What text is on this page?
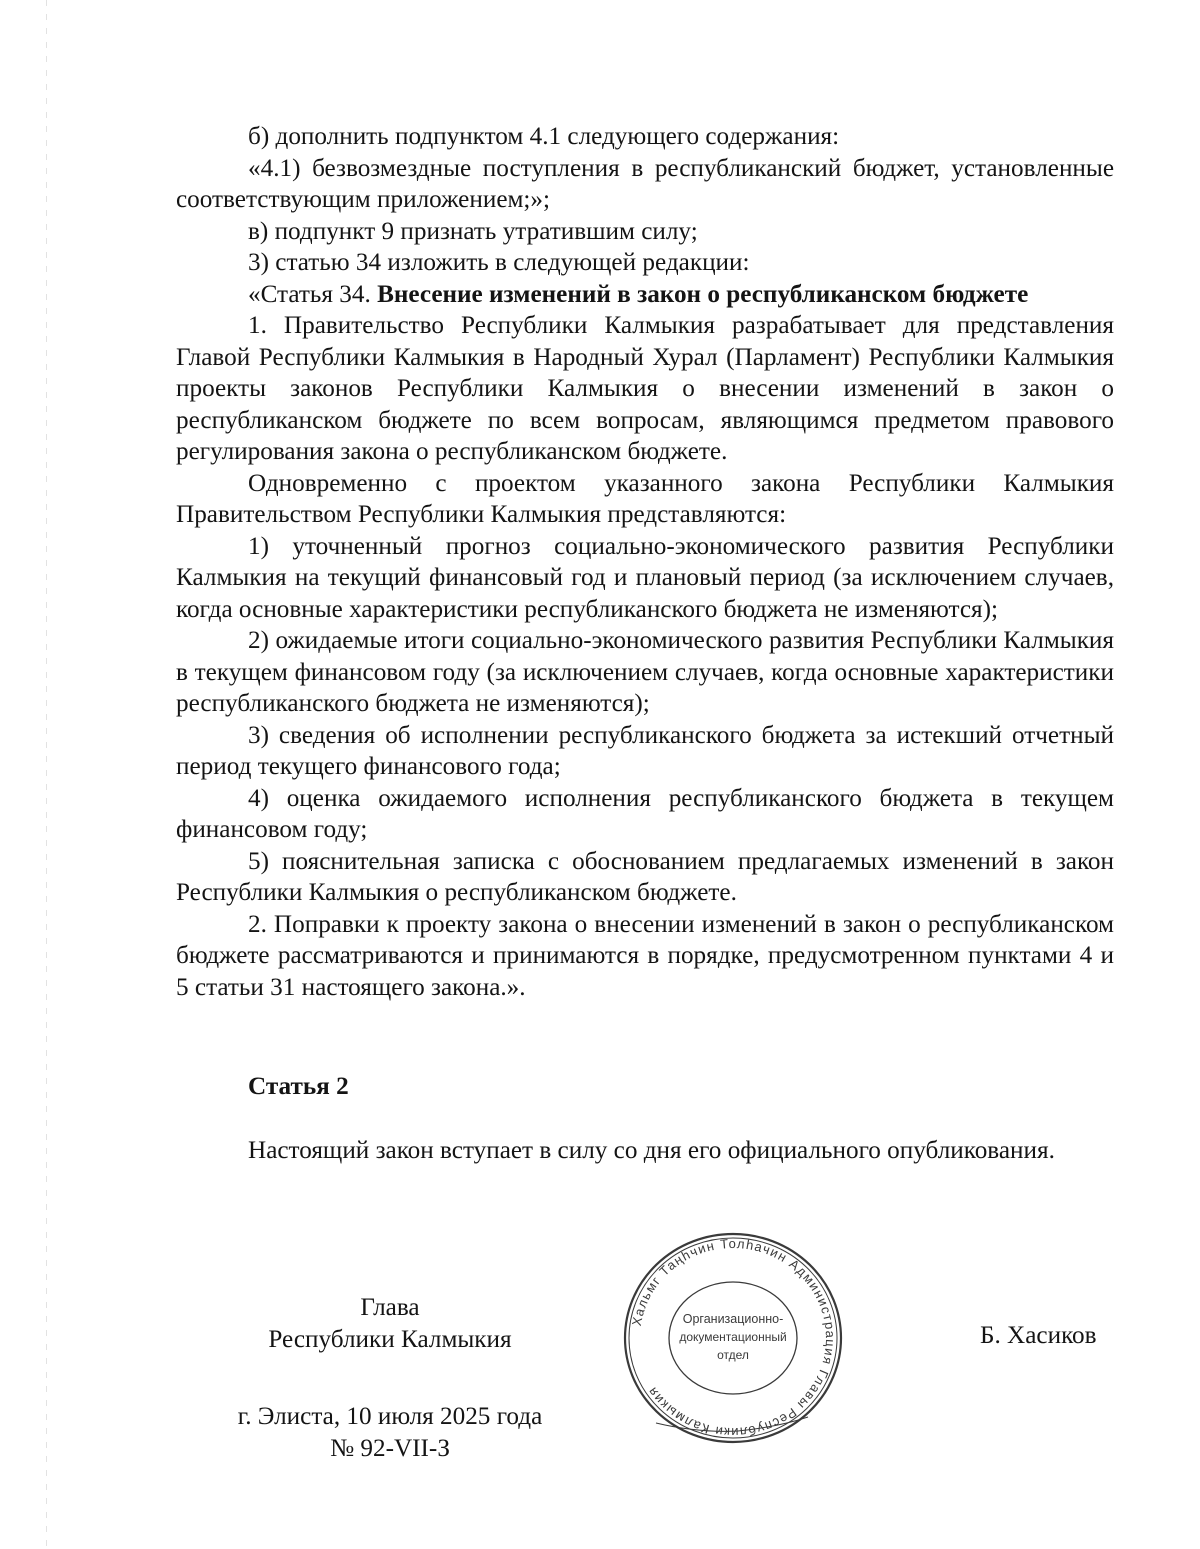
б) дополнить подпунктом 4.1 следующего содержания:

«4.1) безвозмездные поступления в республиканский бюджет, установленные соответствующим приложением;»;

в) подпункт 9 признать утратившим силу;

3) статью 34 изложить в следующей редакции:

«Статья 34. Внесение изменений в закон о республиканском бюджете

1. Правительство Республики Калмыкия разрабатывает для представления Главой Республики Калмыкия в Народный Хурал (Парламент) Республики Калмыкия проекты законов Республики Калмыкия о внесении изменений в закон о республиканском бюджете по всем вопросам, являющимся предметом правового регулирования закона о республиканском бюджете.

Одновременно с проектом указанного закона Республики Калмыкия Правительством Республики Калмыкия представляются:

1) уточненный прогноз социально-экономического развития Республики Калмыкия на текущий финансовый год и плановый период (за исключением случаев, когда основные характеристики республиканского бюджета не изменяются);

2) ожидаемые итоги социально-экономического развития Республики Калмыкия в текущем финансовом году (за исключением случаев, когда основные характеристики республиканского бюджета не изменяются);

3) сведения об исполнении республиканского бюджета за истекший отчетный период текущего финансового года;

4) оценка ожидаемого исполнения республиканского бюджета в текущем финансовом году;

5) пояснительная записка с обоснованием предлагаемых изменений в закон Республики Калмыкия о республиканском бюджете.

2. Поправки к проекту закона о внесении изменений в закон о республиканском бюджете рассматриваются и принимаются в порядке, предусмотренном пунктами 4 и 5 статьи 31 настоящего закона.».

Статья 2

Настоящий закон вступает в силу со дня его официального опубликования.

Глава
Республики Калмыкия
г. Элиста, 10 июля 2025 года
№ 92-VII-З
Хальмг Таңһчин Толһачин Администрация Главы Республики Калмыкия
Организационно-
документационный
отдел
Б. Хасиков
